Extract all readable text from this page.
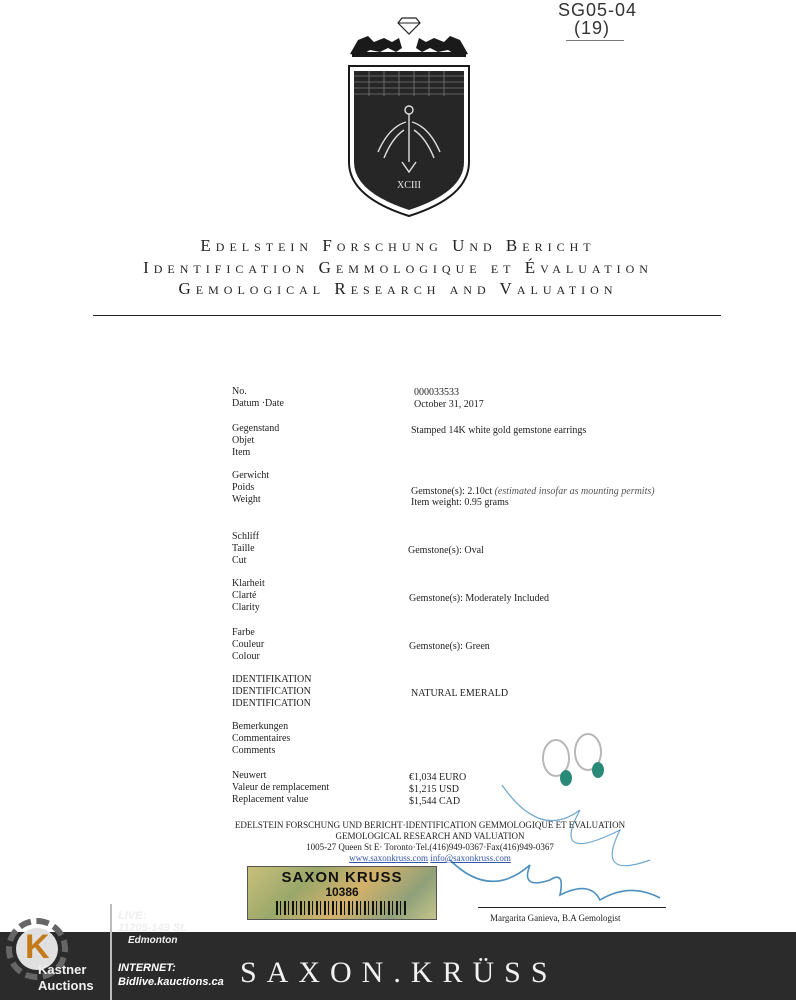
SG05-04
(19)
XCIII
Edelstein Forschung Und Bericht
Identification Gemmologique et Évaluation
Gemological Research and Valuation
No.	000033533
Datum ·Date	October 31, 2017
Gegenstand
Objet
Item
Stamped 14K white gold gemstone earrings
Gerwicht
Poids
Weight
Gemstone(s): 2.10ct (estimated insofar as mounting permits)
Item weight: 0.95 grams
Schliff
Taille
Cut
Gemstone(s): Oval
Klarheit
Clarté
Clarity
Gemstone(s): Moderately Included
Farbe
Couleur
Colour
Gemstone(s): Green
IDENTIFIKATION
IDENTIFICATION
IDENTIFICATION
NATURAL EMERALD
Bemerkungen
Commentaires
Comments
Neuwert
Valeur de remplacement
Replacement value
€1,034 EURO
$1,215 USD
$1,544 CAD
EDELSTEIN FORSCHUNG UND BERICHT·IDENTIFICATION GEMMOLOGIQUE ET EVALUATION
GEMOLOGICAL RESEARCH AND VALUATION
1005-27 Queen St E· Toronto·Tel.(416)949-0367·Fax(416)949-0367
www.saxonkruss.com info@saxonkruss.com
SAXON KRUSS
10386
Margarita Ganieva, B.A Gemologist
SAXON.KRÜSS
K
Kastner
Auctions
LIVE:
11205-149 St.
Edmonton
INTERNET:
Bidlive.kauctions.ca
